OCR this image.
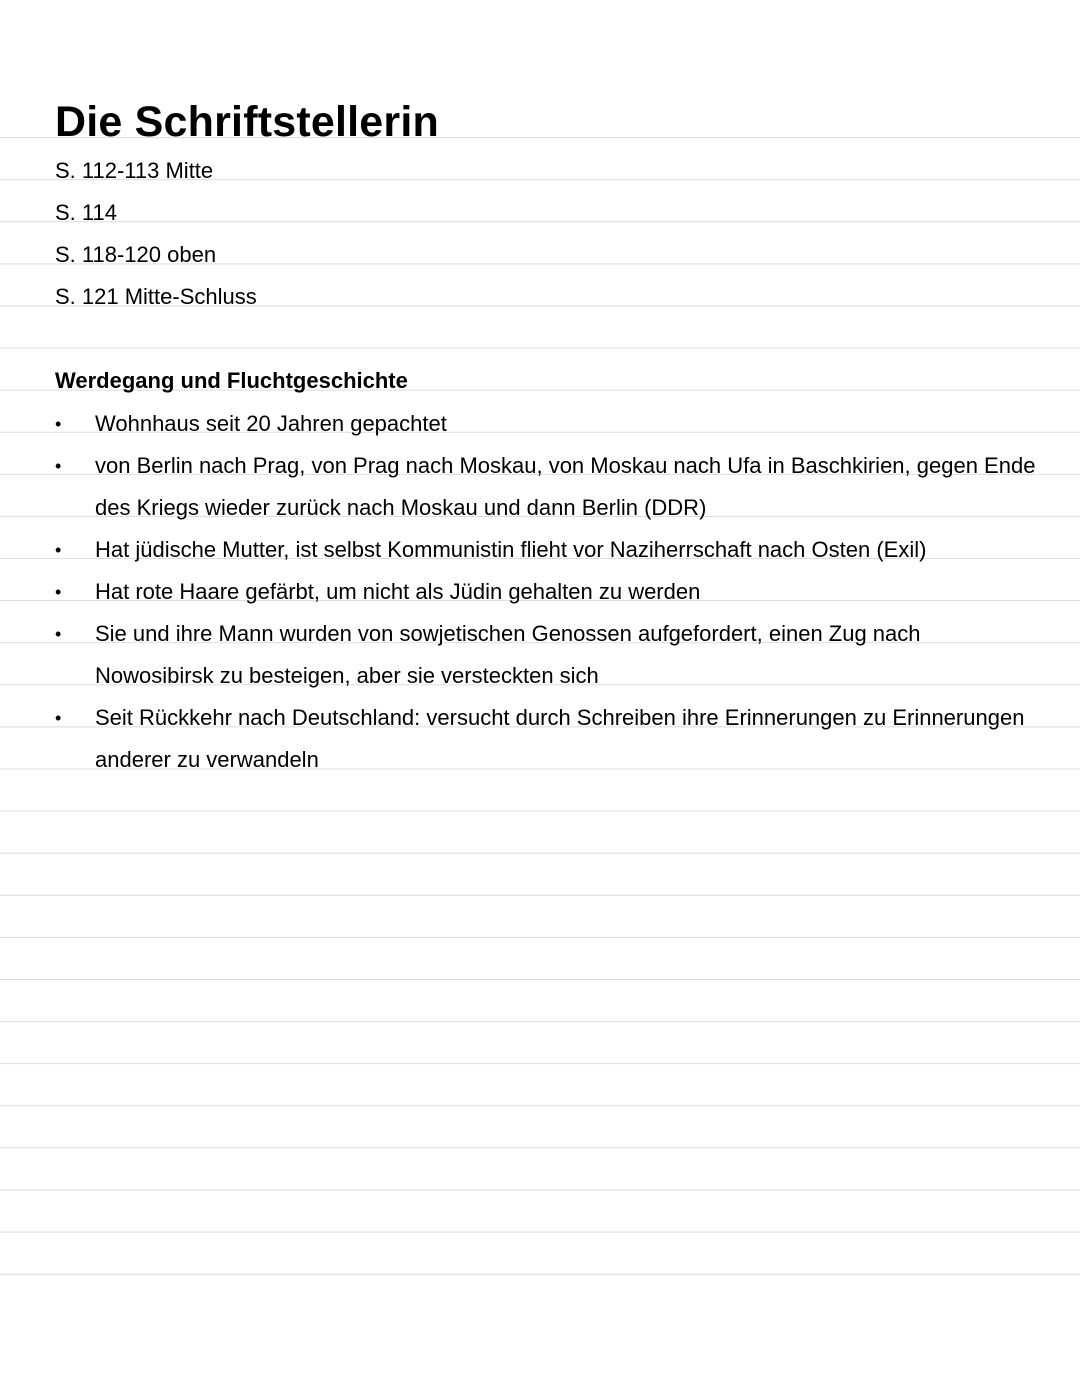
Die Schriftstellerin
S. 112-113 Mitte
S. 114
S. 118-120 oben
S. 121 Mitte-Schluss
Werdegang und Fluchtgeschichte
• Wohnhaus seit 20 Jahren gepachtet
• von Berlin nach Prag, von Prag nach Moskau, von Moskau nach Ufa in Baschkirien, gegen Ende des Kriegs wieder zurück nach Moskau und dann Berlin (DDR)
• Hat jüdische Mutter, ist selbst Kommunistin flieht vor Naziherrschaft nach Osten (Exil)
• Hat rote Haare gefärbt, um nicht als Jüdin gehalten zu werden
• Sie und ihre Mann wurden von sowjetischen Genossen aufgefordert, einen Zug nach Nowosibirsk zu besteigen, aber sie versteckten sich
• Seit Rückkehr nach Deutschland: versucht durch Schreiben ihre Erinnerungen zu Erinnerungen anderer zu verwandeln
